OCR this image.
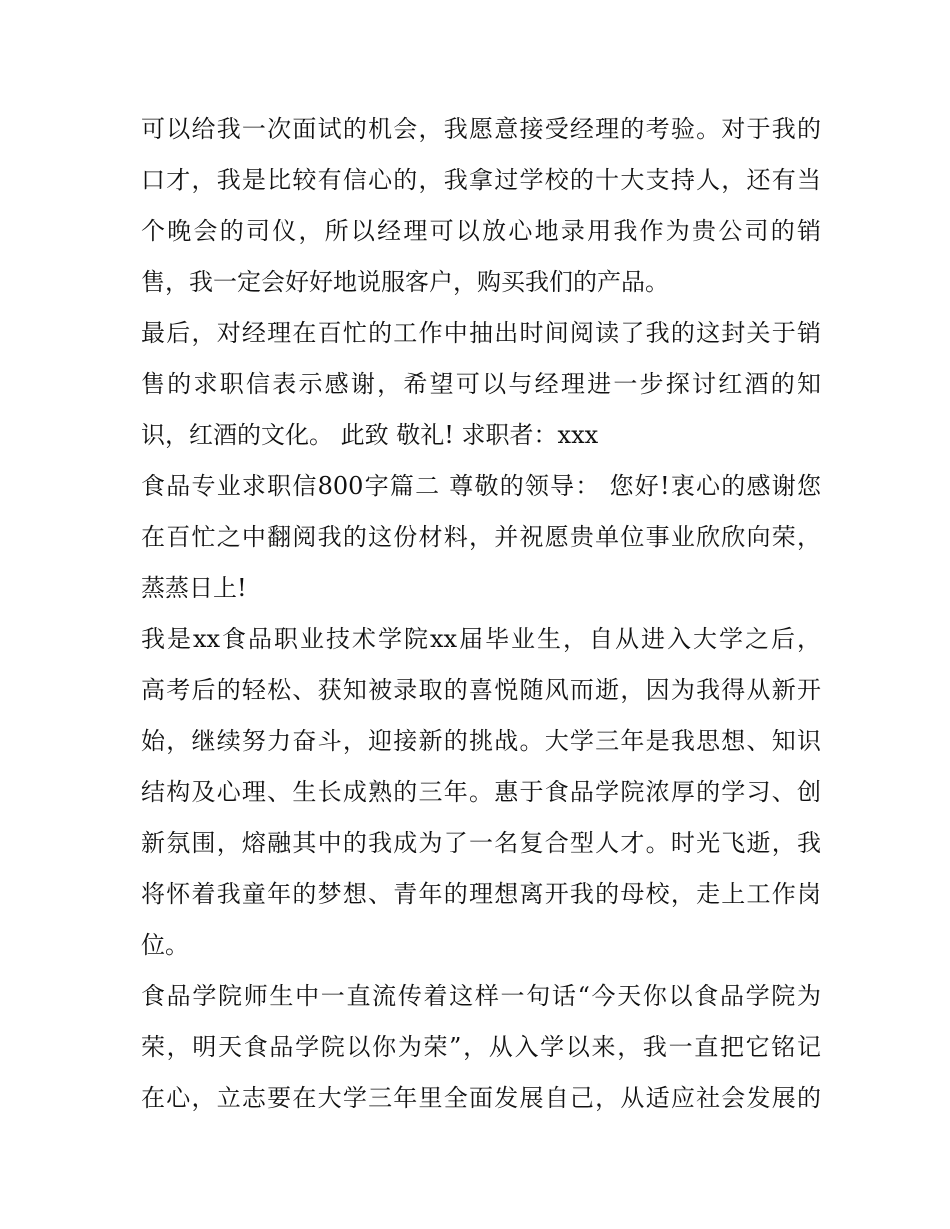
可以给我一次面试的机会，我愿意接受经理的考验。对于我的
口才，我是比较有信心的，我拿过学校的十大支持人，还有当
个晚会的司仪，所以经理可以放心地录用我作为贵公司的销
售，我一定会好好地说服客户，购买我们的产品。
最后，对经理在百忙的工作中抽出时间阅读了我的这封关于销
售的求职信表示感谢，希望可以与经理进一步探讨红酒的知
识，红酒的文化。 此致 敬礼! 求职者：xxx
食品专业求职信800字篇二 尊敬的领导： 您好!衷心的感谢您
在百忙之中翻阅我的这份材料，并祝愿贵单位事业欣欣向荣，
蒸蒸日上!
我是xx食品职业技术学院xx届毕业生，自从进入大学之后，
高考后的轻松、获知被录取的喜悦随风而逝，因为我得从新开
始，继续努力奋斗，迎接新的挑战。大学三年是我思想、知识
结构及心理、生长成熟的三年。惠于食品学院浓厚的学习、创
新氛围，熔融其中的我成为了一名复合型人才。时光飞逝，我
将怀着我童年的梦想、青年的理想离开我的母校，走上工作岗
位。
食品学院师生中一直流传着这样一句话“今天你以食品学院为
荣，明天食品学院以你为荣”，从入学以来，我一直把它铭记
在心，立志要在大学三年里全面发展自己，从适应社会发展的
